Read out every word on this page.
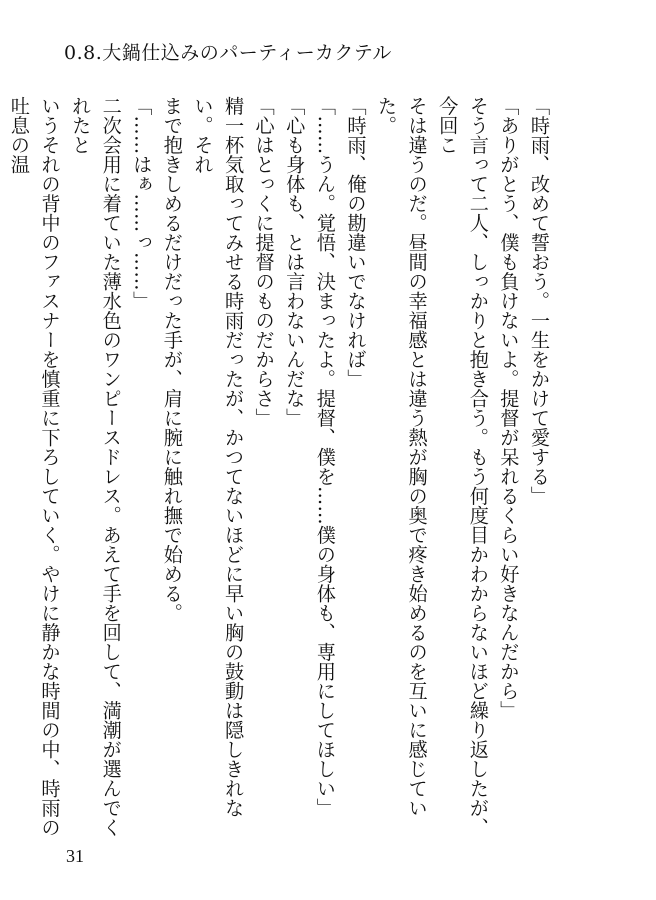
0.8.大鍋仕込みのパーティーカクテル
「時雨、改めて誓おう。一生をかけて愛する」
「ありがとう、僕も負けないよ。提督が呆れるくらい好きなんだから」
そう言って二人、しっかりと抱き合う。もう何度目かわからないほど繰り返したが、今回こ
そは違うのだ。昼間の幸福感とは違う熱が胸の奥で疼き始めるのを互いに感じていた。
「時雨、俺の勘違いでなければ」
「……うん。覚悟、決まったよ。提督、僕を……僕の身体も、専用にしてほしい」
「心も身体も、とは言わないんだな」
「心はとっくに提督のものだからさ」
精一杯気取ってみせる時雨だったが、かつてないほどに早い胸の鼓動は隠しきれない。それ
まで抱きしめるだけだった手が、肩に腕に触れ撫で始める。
「……はぁ……っ……」
二次会用に着ていた薄水色のワンピースドレス。あえて手を回して、満潮が選んでくれたと
いうそれの背中のファスナーを慎重に下ろしていく。やけに静かな時間の中、時雨の吐息の温
31
